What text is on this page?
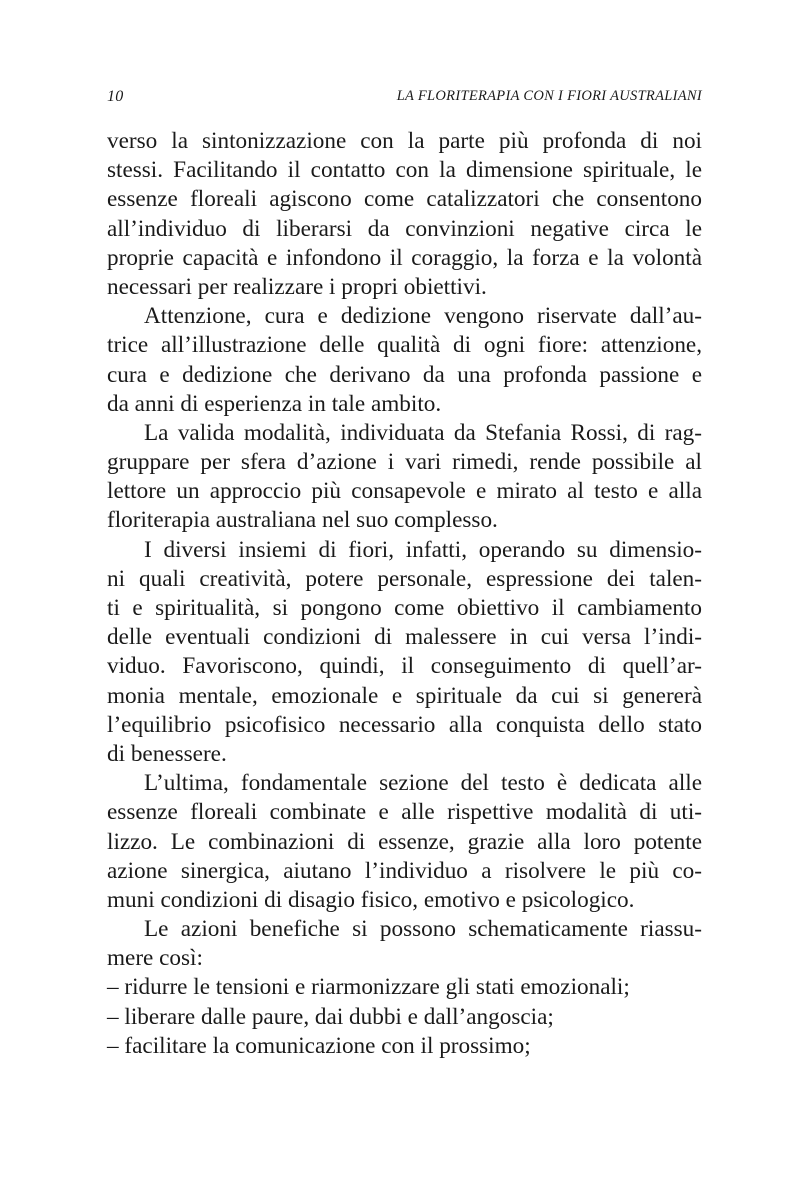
10	LA FLORITERAPIA CON I FIORI AUSTRALIANI
verso la sintonizzazione con la parte più profonda di noi
stessi. Facilitando il contatto con la dimensione spirituale, le
essenze floreali agiscono come catalizzatori che consentono
all’individuo di liberarsi da convinzioni negative circa le
proprie capacità e infondono il coraggio, la forza e la volontà
necessari per realizzare i propri obiettivi.
Attenzione, cura e dedizione vengono riservate dall’au-
trice all’illustrazione delle qualità di ogni fiore: attenzione,
cura e dedizione che derivano da una profonda passione e
da anni di esperienza in tale ambito.
La valida modalità, individuata da Stefania Rossi, di rag-
gruppare per sfera d’azione i vari rimedi, rende possibile al
lettore un approccio più consapevole e mirato al testo e alla
floriterapia australiana nel suo complesso.
I diversi insiemi di fiori, infatti, operando su dimensio-
ni quali creatività, potere personale, espressione dei talen-
ti e spiritualità, si pongono come obiettivo il cambiamento
delle eventuali condizioni di malessere in cui versa l’indi-
viduo. Favoriscono, quindi, il conseguimento di quell’ar-
monia mentale, emozionale e spirituale da cui si genererà
l’equilibrio psicofisico necessario alla conquista dello stato
di benessere.
L’ultima, fondamentale sezione del testo è dedicata alle
essenze floreali combinate e alle rispettive modalità di uti-
lizzo. Le combinazioni di essenze, grazie alla loro potente
azione sinergica, aiutano l’individuo a risolvere le più co-
muni condizioni di disagio fisico, emotivo e psicologico.
Le azioni benefiche si possono schematicamente riassu-
mere così:
– ridurre le tensioni e riarmonizzare gli stati emozionali;
– liberare dalle paure, dai dubbi e dall’angoscia;
– facilitare la comunicazione con il prossimo;
